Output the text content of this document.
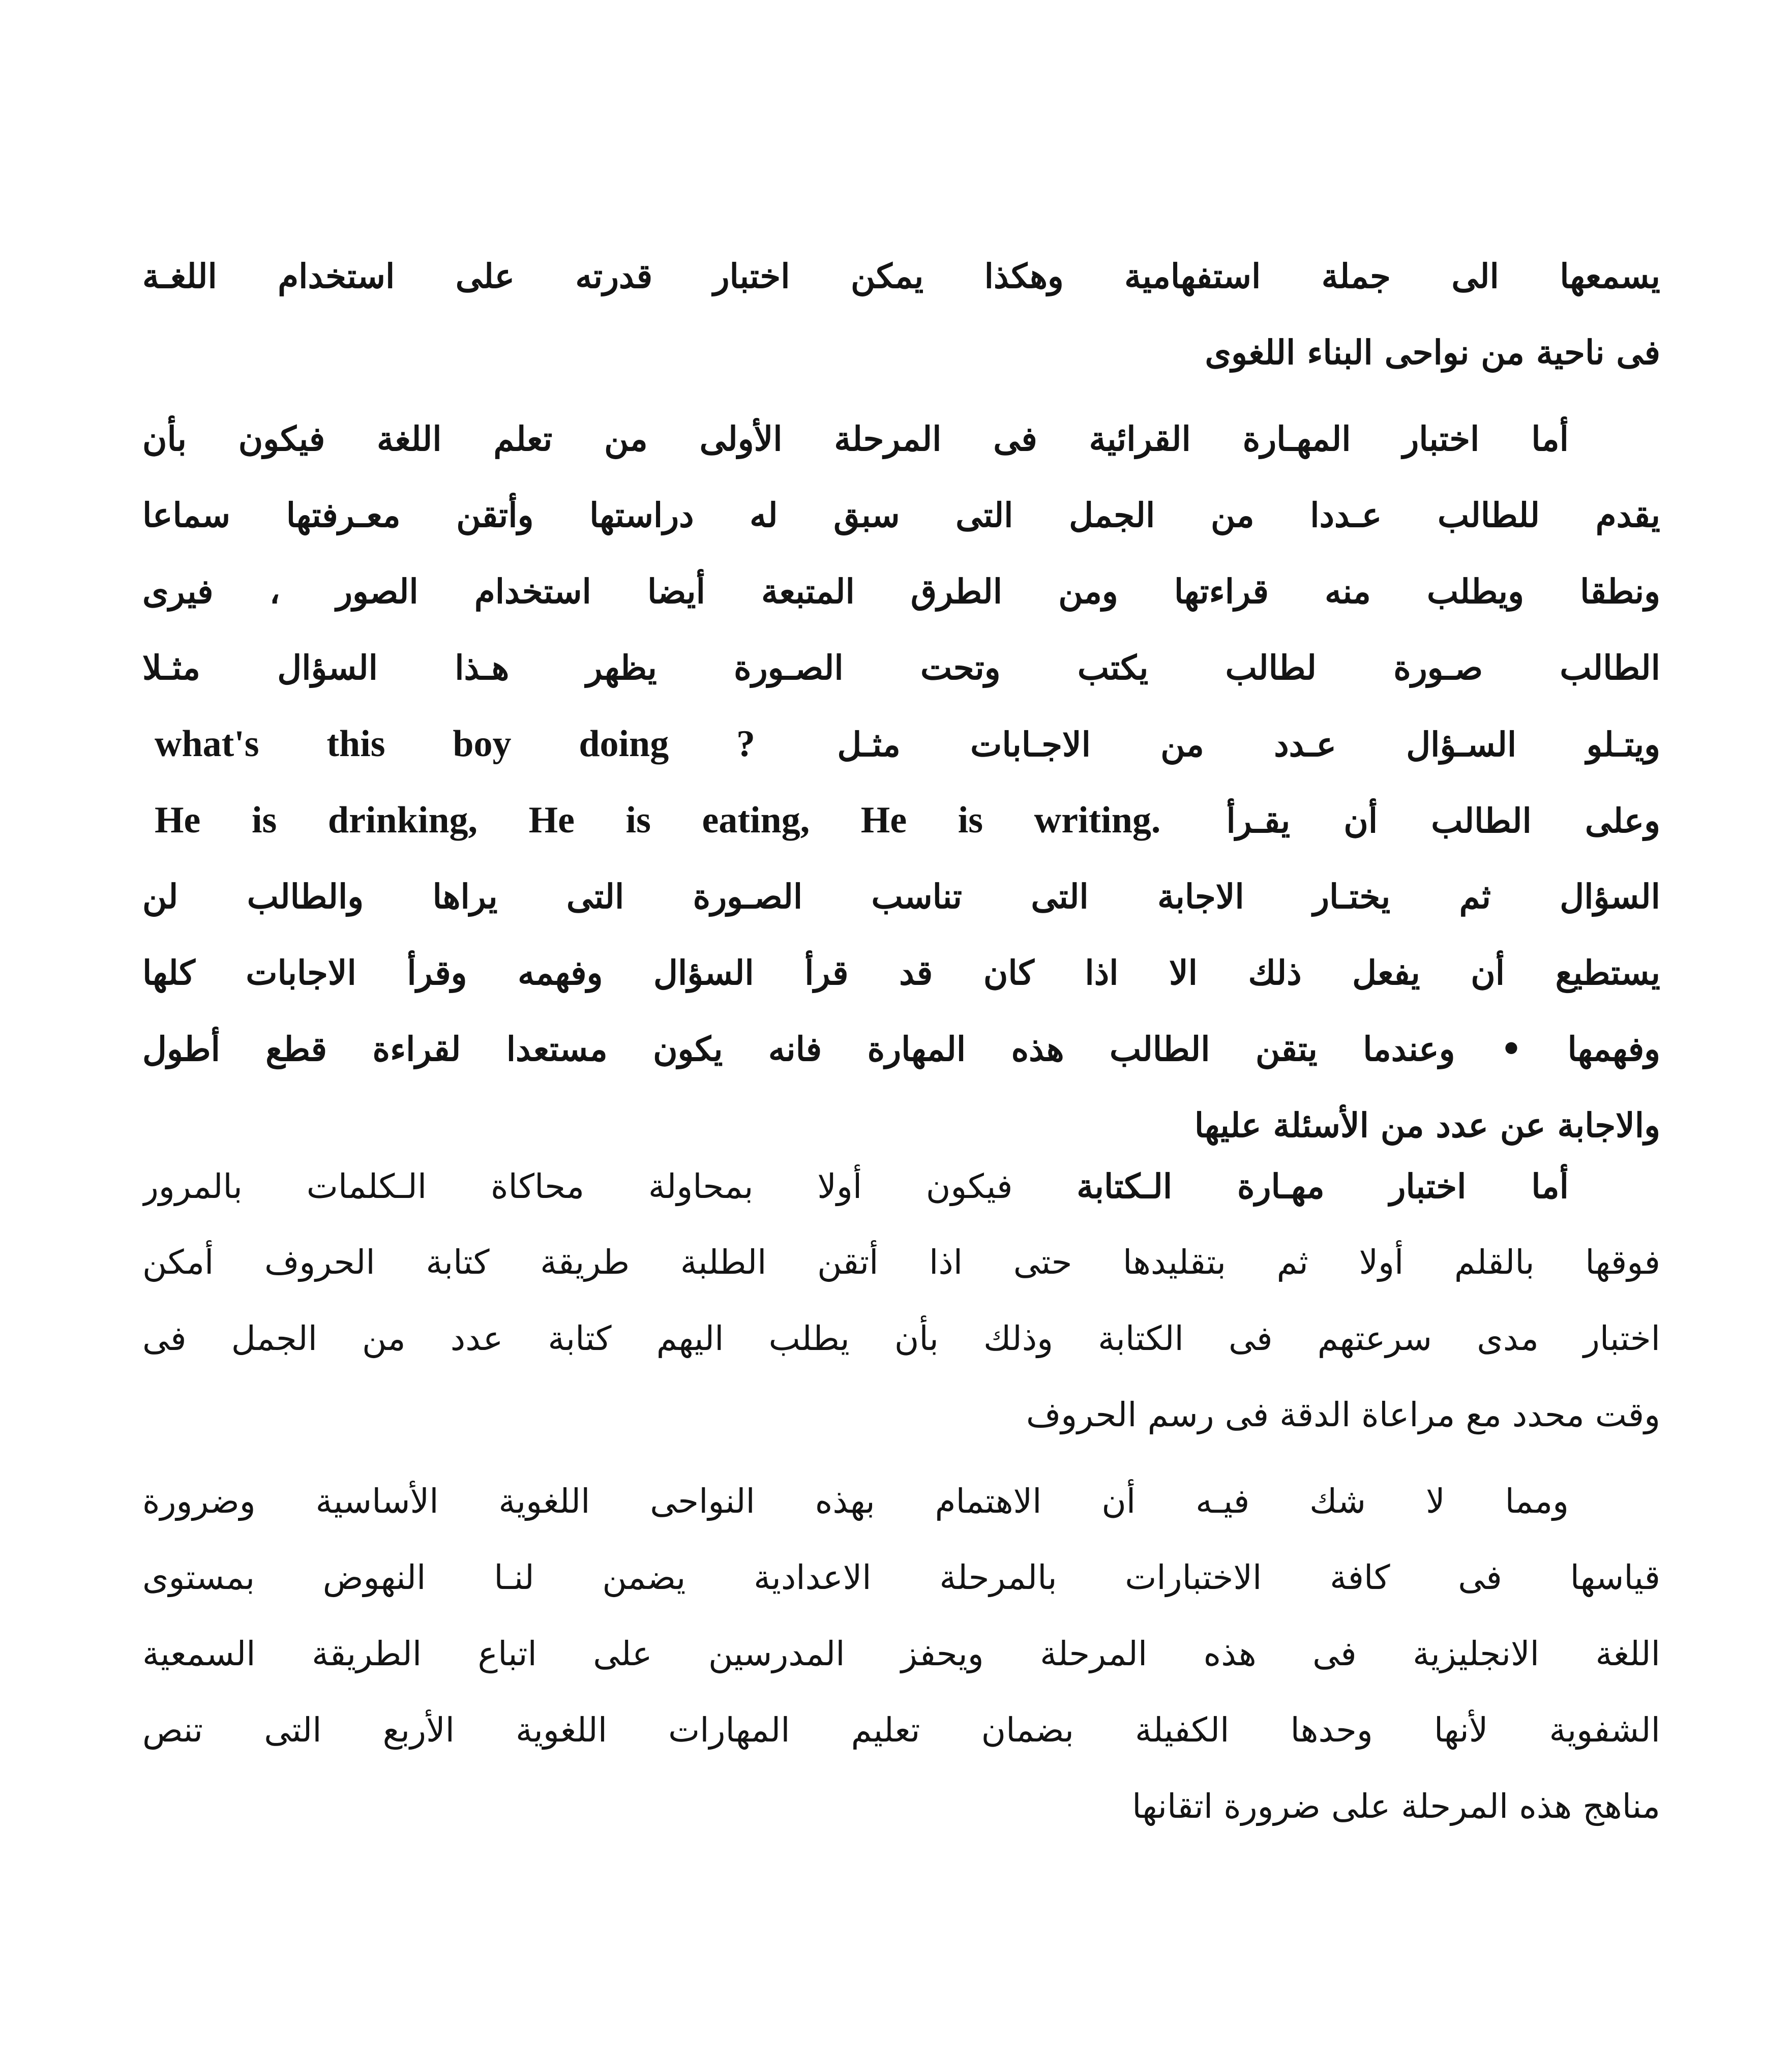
يسمعها الى جملة استفهامية وهكذا يمكن اختبار قدرته على استخدام اللغـة
فى ناحية من نواحى البناء اللغوى
أما اختبار المهـارة القرائية فى المرحلة الأولى من تعلم اللغة فيكون بأن
يقدم للطالب عـددا من الجمل التى سبق له دراستها وأتقن معـرفتها سماعا
ونطقا ويطلب منه قراءتها ومن الطرق المتبعة أيضا استخدام الصور ، فيرى
الطالب صـورة لطالب يكتب وتحت الصـورة يظهر هـذا السؤال مثـلا
ويتـلو السـؤال عـدد من الاجـابات مثـل what's this boy doing ?
وعلى الطالب أن يقـرأ He is drinking, He is eating, He is writing.
السؤال ثم يختـار الاجابة التى تناسب الصـورة التى يراها والطالب لن
يستطيع أن يفعل ذلك الا اذا كان قد قرأ السؤال وفهمه وقرأ الاجابات كلها
وفهمها • وعندما يتقن الطالب هذه المهارة فانه يكون مستعدا لقراءة قطع أطول
والاجابة عن عدد من الأسئلة عليها
أما اختبار مهـارة الـكتابة فيكون أولا بمحاولة محاكاة الـكلمات بالمرور
فوقها بالقلم أولا ثم بتقليدها حتى اذا أتقن الطلبة طريقة كتابة الحروف أمكن
اختبار مدى سرعتهم فى الكتابة وذلك بأن يطلب اليهم كتابة عدد من الجمل فى
وقت محدد مع مراعاة الدقة فى رسم الحروف
ومما لا شك فيـه أن الاهتمام بهذه النواحى اللغوية الأساسية وضرورة
قياسها فى كافة الاختبارات بالمرحلة الاعدادية يضمن لنـا النهوض بمستوى
اللغة الانجليزية فى هذه المرحلة ويحفز المدرسين على اتباع الطريقة السمعية
الشفوية لأنها وحدها الكفيلة بضمان تعليم المهارات اللغوية الأربع التى تنص
مناهج هذه المرحلة على ضرورة اتقانها
